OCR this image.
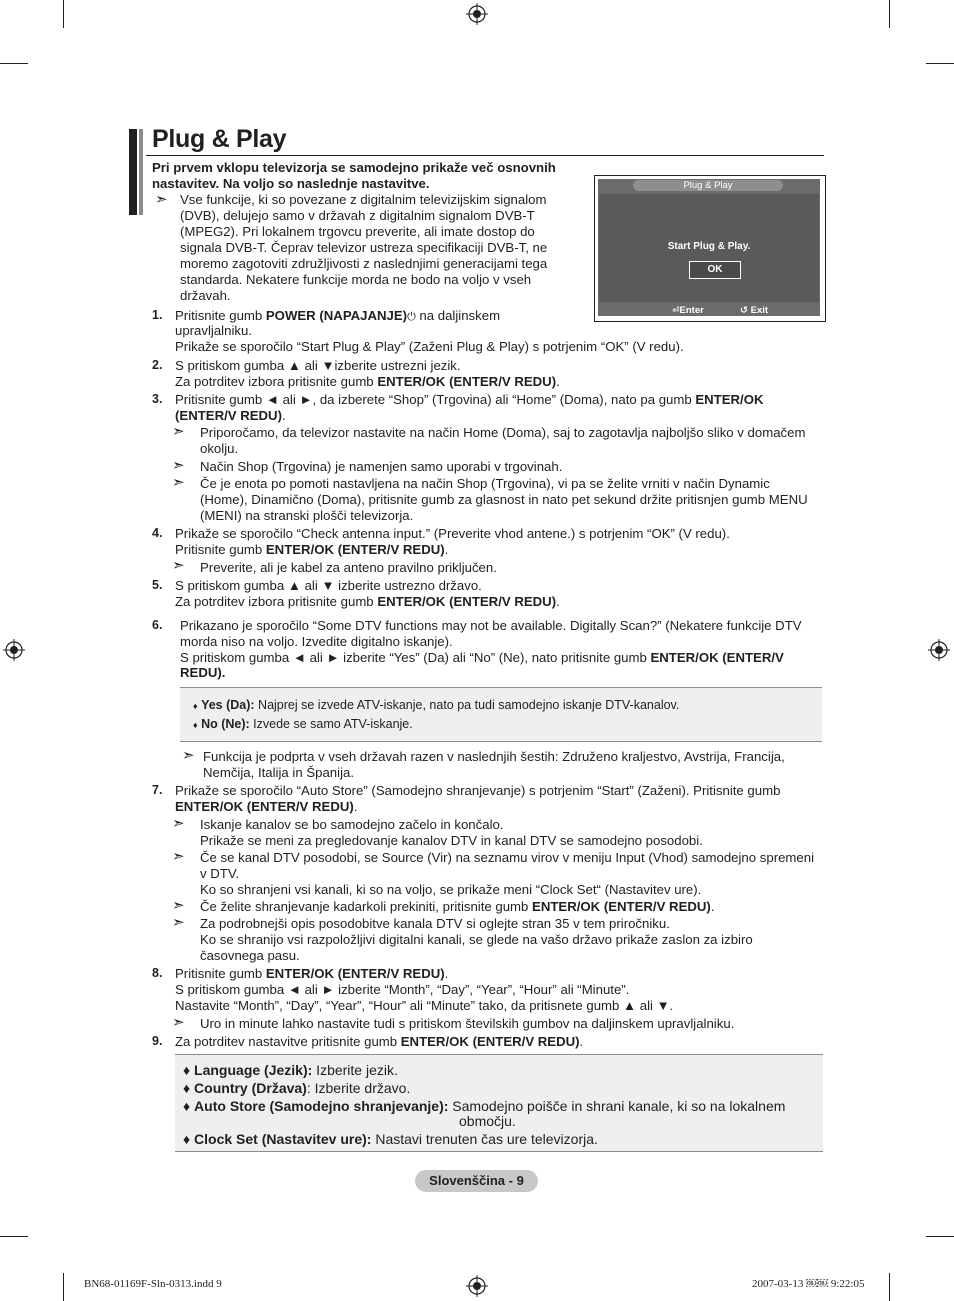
Plug & Play
Pri prvem vklopu televizorja se samodejno prikaže več osnovnih
nastavitev. Na voljo so naslednje nastavitve.
➣ Vse funkcije, ki so povezane z digitalnim televizijskim signalom
(DVB), delujejo samo v državah z digitalnim signalom DVB-T
(MPEG2). Pri lokalnem trgovcu preverite, ali imate dostop do
signala DVB-T. Čeprav televizor ustreza specifikaciji DVB-T, ne
moremo zagotoviti združljivosti z naslednjimi generacijami tega
standarda. Nekatere funkcije morda ne bodo na voljo v vseh
državah.
Plug & Play
Start Plug & Play.
OK
⏎Enter	↺ Exit
1. Pritisnite gumb POWER (NAPAJANJE)⏻ na daljinskem
upravljalniku.
Prikaže se sporočilo “Start Plug & Play” (Zaženi Plug & Play) s potrjenim “OK” (V redu).
2. S pritiskom gumba ▲ ali ▼izberite ustrezni jezik.
Za potrditev izbora pritisnite gumb ENTER/OK (ENTER/V REDU).
3. Pritisnite gumb ◄ ali ►, da izberete “Shop” (Trgovina) ali “Home” (Doma), nato pa gumb ENTER/OK
(ENTER/V REDU).
➣ Priporočamo, da televizor nastavite na način Home (Doma), saj to zagotavlja najboljšo sliko v domačem
okolju.
➣ Način Shop (Trgovina) je namenjen samo uporabi v trgovinah.
➣ Če je enota po pomoti nastavljena na način Shop (Trgovina), vi pa se želite vrniti v način Dynamic
(Home), Dinamično (Doma), pritisnite gumb za glasnost in nato pet sekund držite pritisnjen gumb MENU
(MENI) na stranski plošči televizorja.
4. Prikaže se sporočilo “Check antenna input.” (Preverite vhod antene.) s potrjenim “OK” (V redu).
Pritisnite gumb ENTER/OK (ENTER/V REDU).
➣ Preverite, ali je kabel za anteno pravilno priključen.
5. S pritiskom gumba ▲ ali ▼ izberite ustrezno državo.
Za potrditev izbora pritisnite gumb ENTER/OK (ENTER/V REDU).
6. Prikazano je sporočilo “Some DTV functions may not be available. Digitally Scan?” (Nekatere funkcije DTV
morda niso na voljo. Izvedite digitalno iskanje).
S pritiskom gumba ◄ ali ► izberite “Yes” (Da) ali “No” (Ne), nato pritisnite gumb ENTER/OK (ENTER/V
REDU).
♦ Yes (Da): Najprej se izvede ATV-iskanje, nato pa tudi samodejno iskanje DTV-kanalov.
♦ No (Ne): Izvede se samo ATV-iskanje.
➣ Funkcija je podprta v vseh državah razen v naslednjih šestih: Združeno kraljestvo, Avstrija, Francija,
Nemčija, Italija in Španija.
7. Prikaže se sporočilo “Auto Store” (Samodejno shranjevanje) s potrjenim “Start” (Zaženi). Pritisnite gumb
ENTER/OK (ENTER/V REDU).
➣ Iskanje kanalov se bo samodejno začelo in končalo.
Prikaže se meni za pregledovanje kanalov DTV in kanal DTV se samodejno posodobi.
➣ Če se kanal DTV posodobi, se Source (Vir) na seznamu virov v meniju Input (Vhod) samodejno spremeni
v DTV.
Ko so shranjeni vsi kanali, ki so na voljo, se prikaže meni “Clock Set“ (Nastavitev ure).
➣ Če želite shranjevanje kadarkoli prekiniti, pritisnite gumb ENTER/OK (ENTER/V REDU).
➣ Za podrobnejši opis posodobitve kanala DTV si oglejte stran 35 v tem priročniku.
Ko se shranijo vsi razpoložljivi digitalni kanali, se glede na vašo državo prikaže zaslon za izbiro
časovnega pasu.
8. Pritisnite gumb ENTER/OK (ENTER/V REDU).
S pritiskom gumba ◄ ali ► izberite “Month”, “Day”, “Year”, “Hour” ali “Minute”.
Nastavite “Month”, “Day”, “Year”, “Hour” ali “Minute” tako, da pritisnete gumb ▲ ali ▼.
➣ Uro in minute lahko nastavite tudi s pritiskom številskih gumbov na daljinskem upravljalniku.
9. Za potrditev nastavitve pritisnite gumb ENTER/OK (ENTER/V REDU).
♦ Language (Jezik): Izberite jezik.
♦ Country (Država): Izberite državo.
♦ Auto Store (Samodejno shranjevanje): Samodejno poišče in shrani kanale, ki so na lokalnem
območju.
♦ Clock Set (Nastavitev ure): Nastavi trenuten čas ure televizorja.
Slovenščina - 9
BN68-01169F-Sln-0313.indd 9	2007-03-13 ￼￼ 9:22:05
